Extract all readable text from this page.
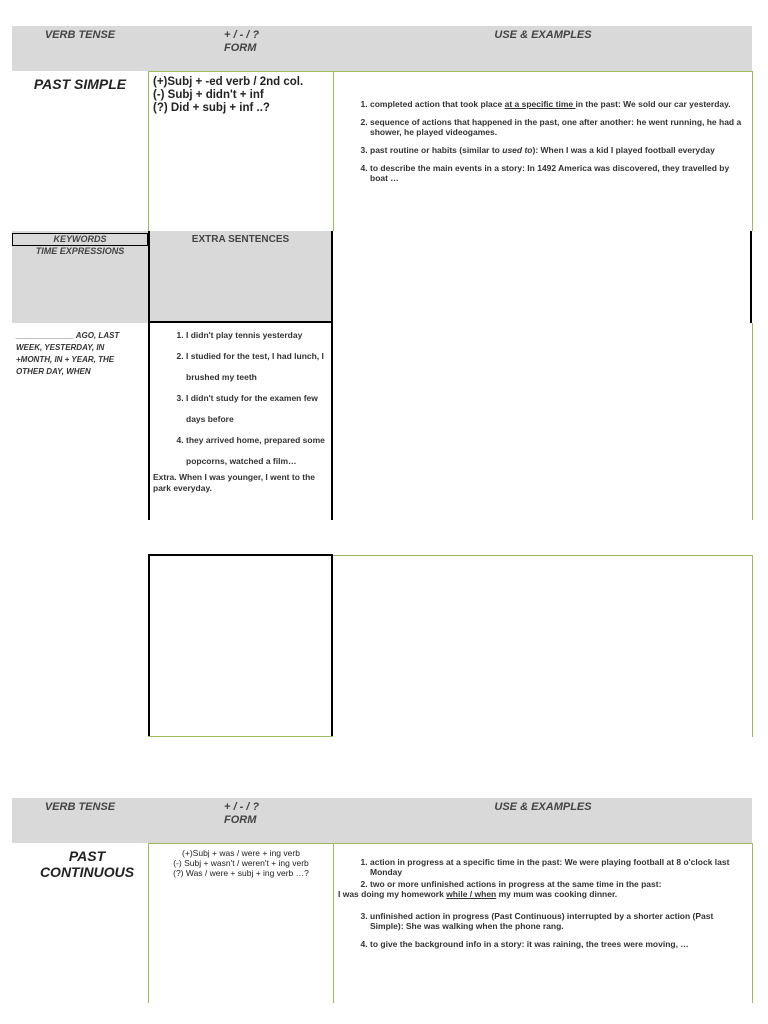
VERB TENSE	+ / - / ?
FORM
USE & EXAMPLES
PAST SIMPLE	(+)Subj + -ed verb / 2nd col.
(-) Subj + didn't + inf
(?) Did + subj + inf ..?
1.	completed action that took place at a specific time in the past: We sold our car yesterday.
2. sequence of actions that happened in the past, one after another: he went running, he had a shower, he played videogames.
3. past routine or habits (similar to used to): When I was a kid I played football everyday
4. to describe the main events in a story: In 1492 America was discovered, they travelled by boat …
KEYWORDS
TIME EXPRESSIONS
EXTRA SENTENCES
_____________ AGO, LAST WEEK, YESTERDAY, IN +MONTH, IN + YEAR, THE OTHER DAY, WHEN
1. I didn't play tennis yesterday
2. I studied for the test, I had lunch, I brushed my teeth
3. I didn't study for the examen few days before
4. they arrived home, prepared some popcorns, watched a film…
Extra. When I was younger, I went to the park everyday.
VERB TENSE	+ / - / ?
FORM
USE & EXAMPLES
PAST
CONTINUOUS
(+)Subj + was / were + ing verb
(-) Subj + wasn't / weren't + ing verb
(?) Was / were + subj + ing verb …?
1. action in progress at a specific time in the past: We were playing football at 8 o'clock last Monday
2. two or more unfinished actions in progress at the same time in the past:
I was doing my homework while / when my mum was cooking dinner.
3. unfinished action in progress (Past Continuous) interrupted by a shorter action (Past Simple): She was walking when the phone rang.
4. to give the background info in a story: it was raining, the trees were moving, …
